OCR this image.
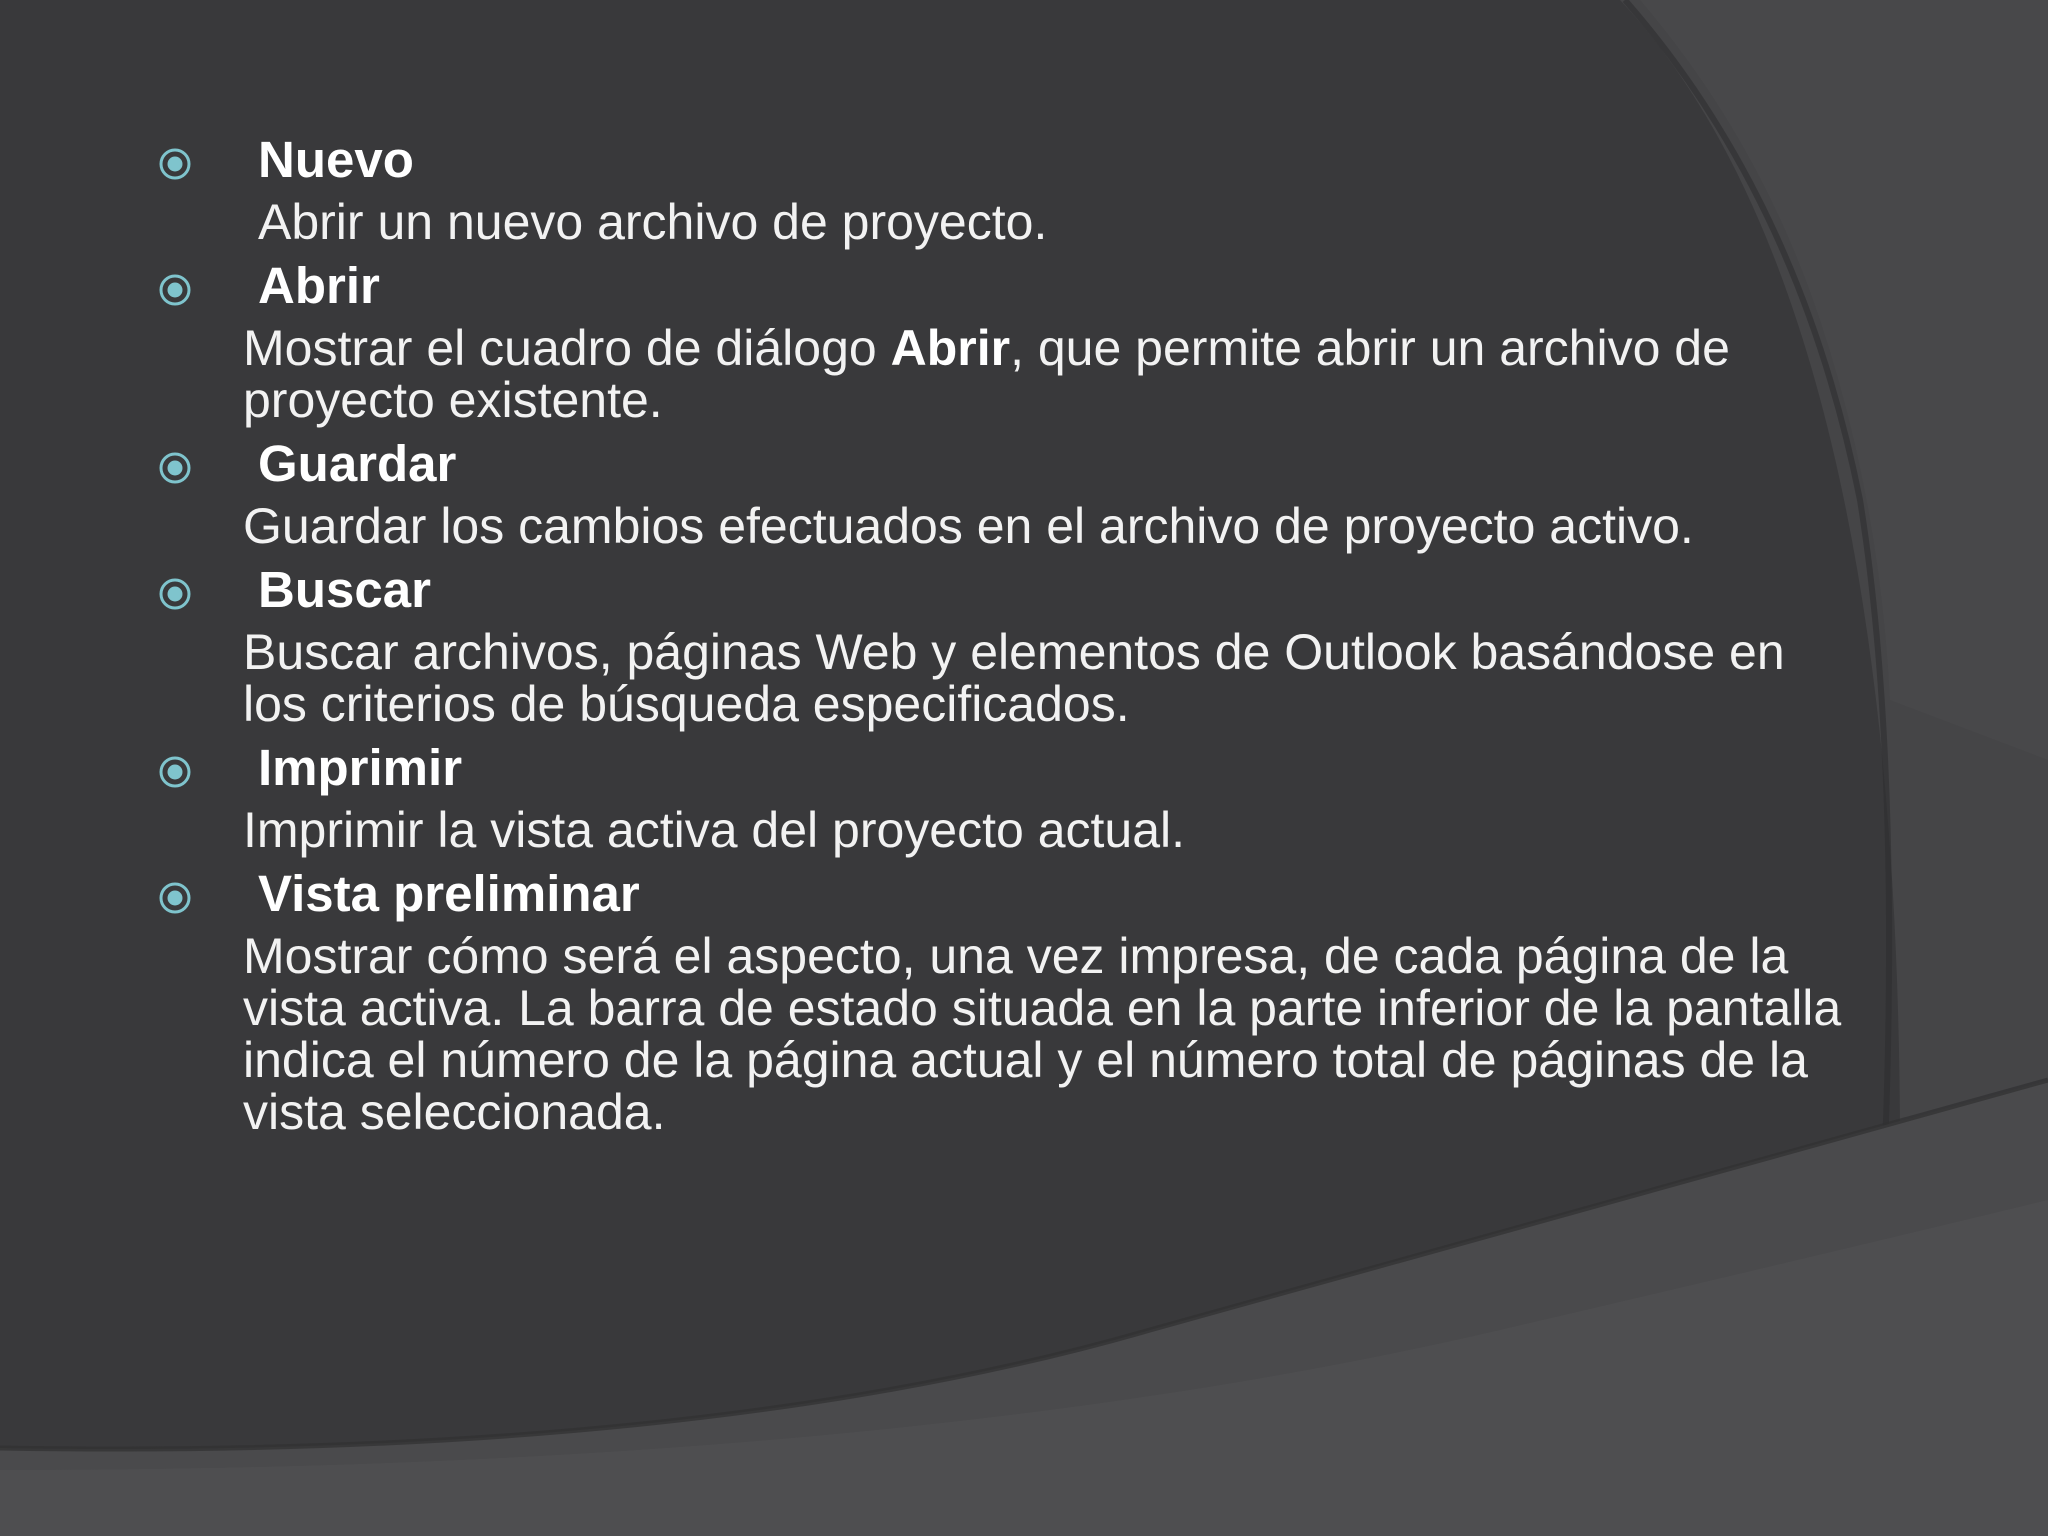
Nuevo

Abrir un nuevo archivo de proyecto.

Abrir

Mostrar el cuadro de diálogo Abrir, que permite abrir un archivo de proyecto existente.

Guardar

Guardar los cambios efectuados en el archivo de proyecto activo.

Buscar

Buscar archivos, páginas Web y elementos de Outlook basándose en los criterios de búsqueda especificados.

Imprimir

Imprimir la vista activa del proyecto actual.

Vista preliminar

Mostrar cómo será el aspecto, una vez impresa, de cada página de la vista activa. La barra de estado situada en la parte inferior de la pantalla indica el número de la página actual y el número total de páginas de la vista seleccionada.
